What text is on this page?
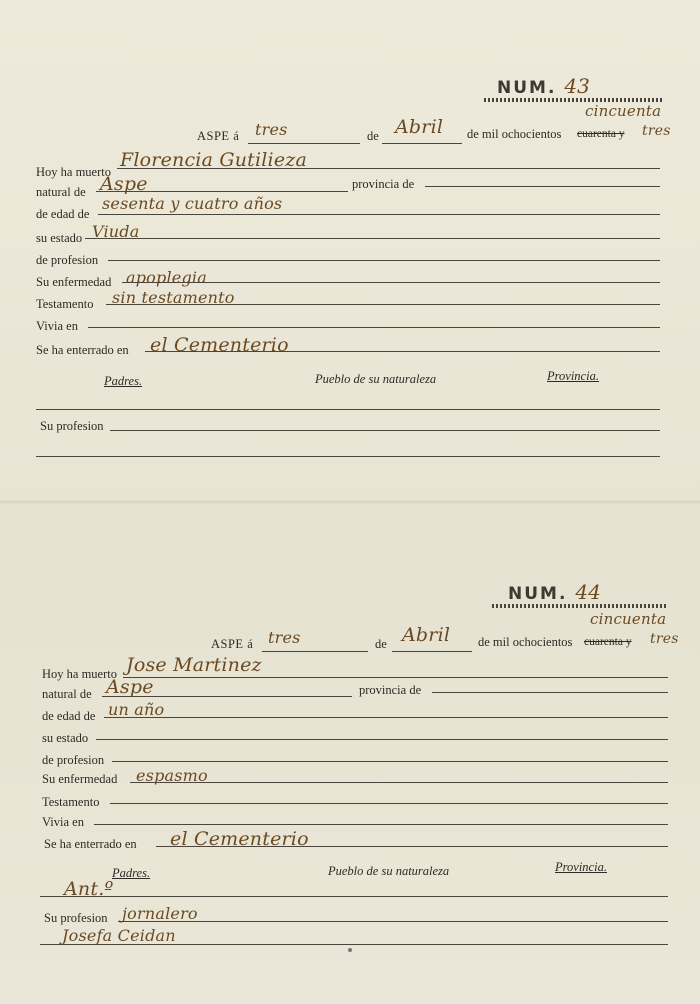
NUM. 43
cincuenta
ASPE á tres	de Abril de mil ochocientos cuarenta y tres
Hoy ha muerto
Florencia Gutilieza
natural de Aspe	provincia de
de edad de
sesenta y cuatro años
su estado Viuda
de profesion
Su enfermedad apoplegia
Testamento sin testamento
Vivia en
Se ha enterrado en el Cementerio
Padres.	Pueblo de su naturaleza	Provincia.
Su profesion
NUM. 44
cincuenta
ASPE á tres	de Abril de mil ochocientos cuarenta y tres
Hoy ha muerto Jose Martinez
natural de Aspe	provincia de
de edad de un año
su estado
de profesion
Su enfermedad espasmo
Testamento
Vivia en
Se ha enterrado en el Cementerio
Padres.	Pueblo de su naturaleza	Provincia.
Ant.º
Su profesion jornalero
Josefa Ceidan
